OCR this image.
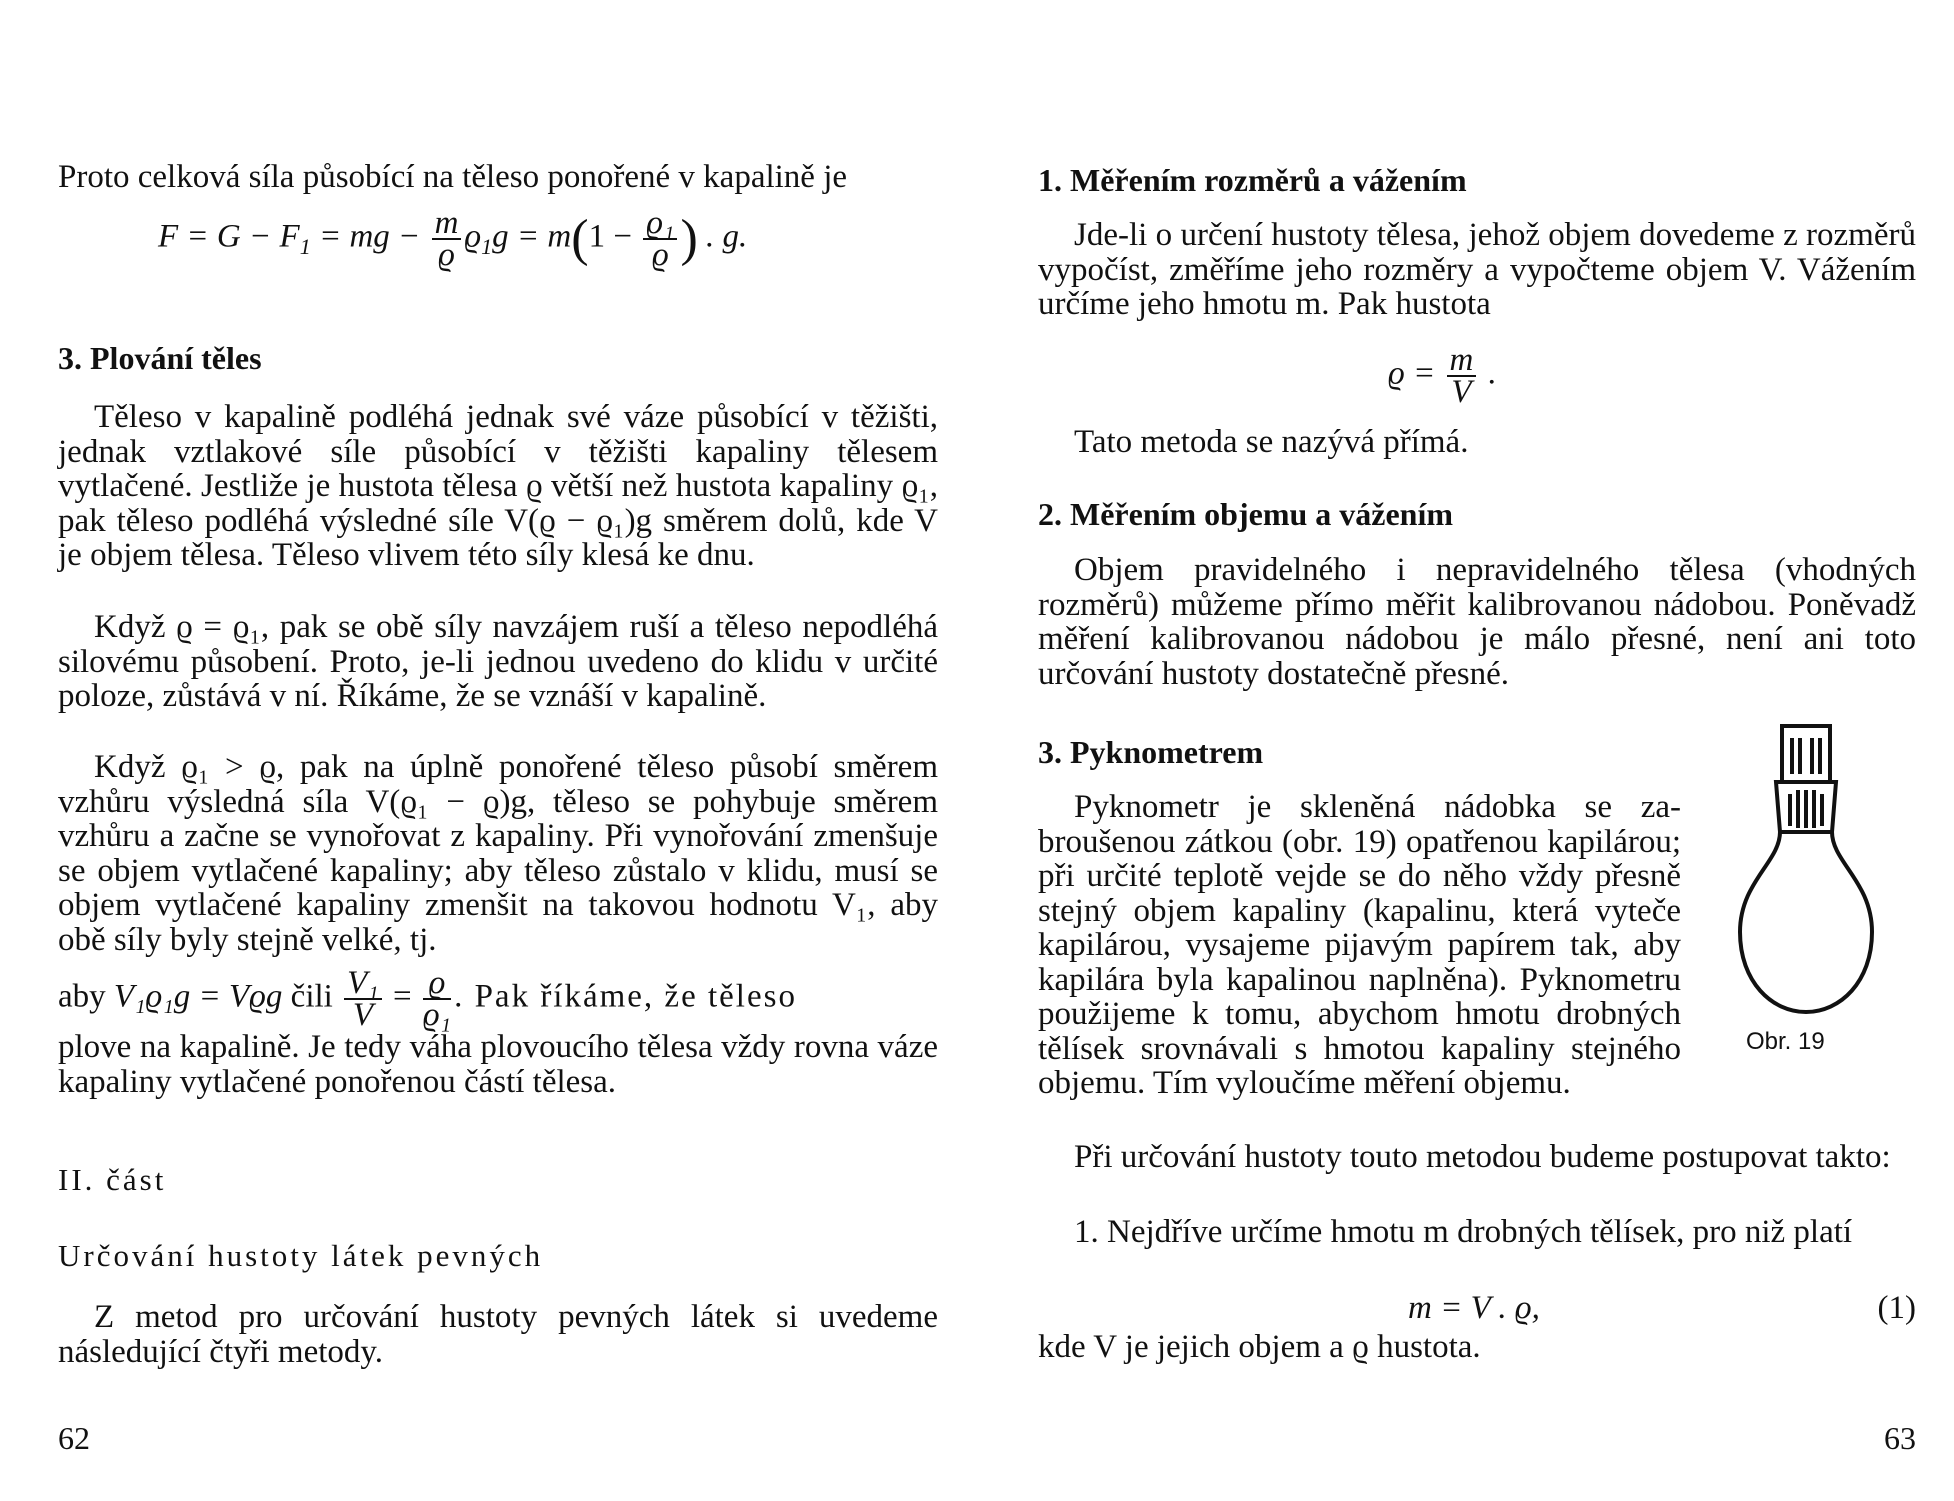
Proto celková síla působící na těleso ponořené v kapalině je
$F = G - F_1$ = mg − $\frac{m}{ϱ} ϱ_1g = m(1 - \frac{\text{ϱ₁}}{ϱ}$ ) . g.
3. Plování těles
Těleso v kapalině podléhá jednak své váze působící v těžišti, jednak vztlakové síle působící v těžišti kapaliny tělesem vytlačené. Jestliže je hustota tělesa ϱ větší než hustota kapaliny ϱ₁, pak těleso podléhá výsledné síle V(ϱ − ϱ₁)g směrem dolů, kde V je objem tělesa. Těleso vlivem této síly klesá ke dnu.
Když ϱ = ϱ₁, pak se obě síly navzájem ruší a těleso nepodléhá silovému působení. Proto, je-li jednou uvedeno do klidu v určité poloze, zůstává v ní. Říkáme, že se vznáší v kapalině.
Když ϱ₁ > ϱ, pak na úplně ponořené těleso působí směrem vzhůru výsledná síla V(ϱ₁ − ϱ)g, těleso se pohybuje směrem vzhůru a začne se vynořovat z kapaliny. Při vynořování zmenšuje se objem vytlačené kapaliny; aby těleso zůstalo v klidu, musí se objem vytlačené kapaliny zmenšit na takovou hodnotu V₁, aby obě síly byly stejně velké, tj.
aby V₁ϱ₁g = Vϱg čili $\frac{\text{V₁}}{V} = \frac{ϱ}{\text{ϱ₁}}$ . Pak říkáme, že těleso
plove na kapalině. Je tedy váha plovoucího tělesa vždy rovna váze kapaliny vytlačené ponořenou částí tělesa.
II. část
Určování hustoty látek pevných
Z metod pro určování hustoty pevných látek si uvedeme následující čtyři metody.
62
1. Měřením rozměrů a vážením
Jde-li o určení hustoty tělesa, jehož objem dovedeme z rozměrů vypočíst, změříme jeho rozměry a vypočteme objem V. Vážením určíme jeho hmotu m. Pak hustota
$ϱ = \frac{m}{V}$ .
Tato metoda se nazývá přímá.
2. Měřením objemu a vážením
Objem pravidelného i nepravidelného tělesa (vhodných rozměrů) můžeme přímo měřit kalibrovanou nádobou. Poněvadž měření kalibrovanou nádobou je málo přesné, není ani toto určování hustoty dostatečně přesné.
3. Pyknometrem
Pyknometr je skleněná nádobka se zabroušenou zátkou (obr. 19) opatřenou kapilárou; při určité teplotě vejde se do něho vždy přesně stejný objem kapaliny (kapalinu, která vyteče kapilárou, vysajeme pijavým papírem tak, aby kapilára byla kapalinou naplněna). Pyknometru použijeme k tomu, abychom hmotu drobných tělísek srovnávali s hmotou kapaliny stejného objemu. Tím vyloučíme měření objemu.
Obr. 19
Při určování hustoty touto metodou budeme postupovat takto:
1. Nejdříve určíme hmotu m drobných tělísek, pro niž platí
m = V . ϱ,	(1)
kde V je jejich objem a ϱ hustota.
63
